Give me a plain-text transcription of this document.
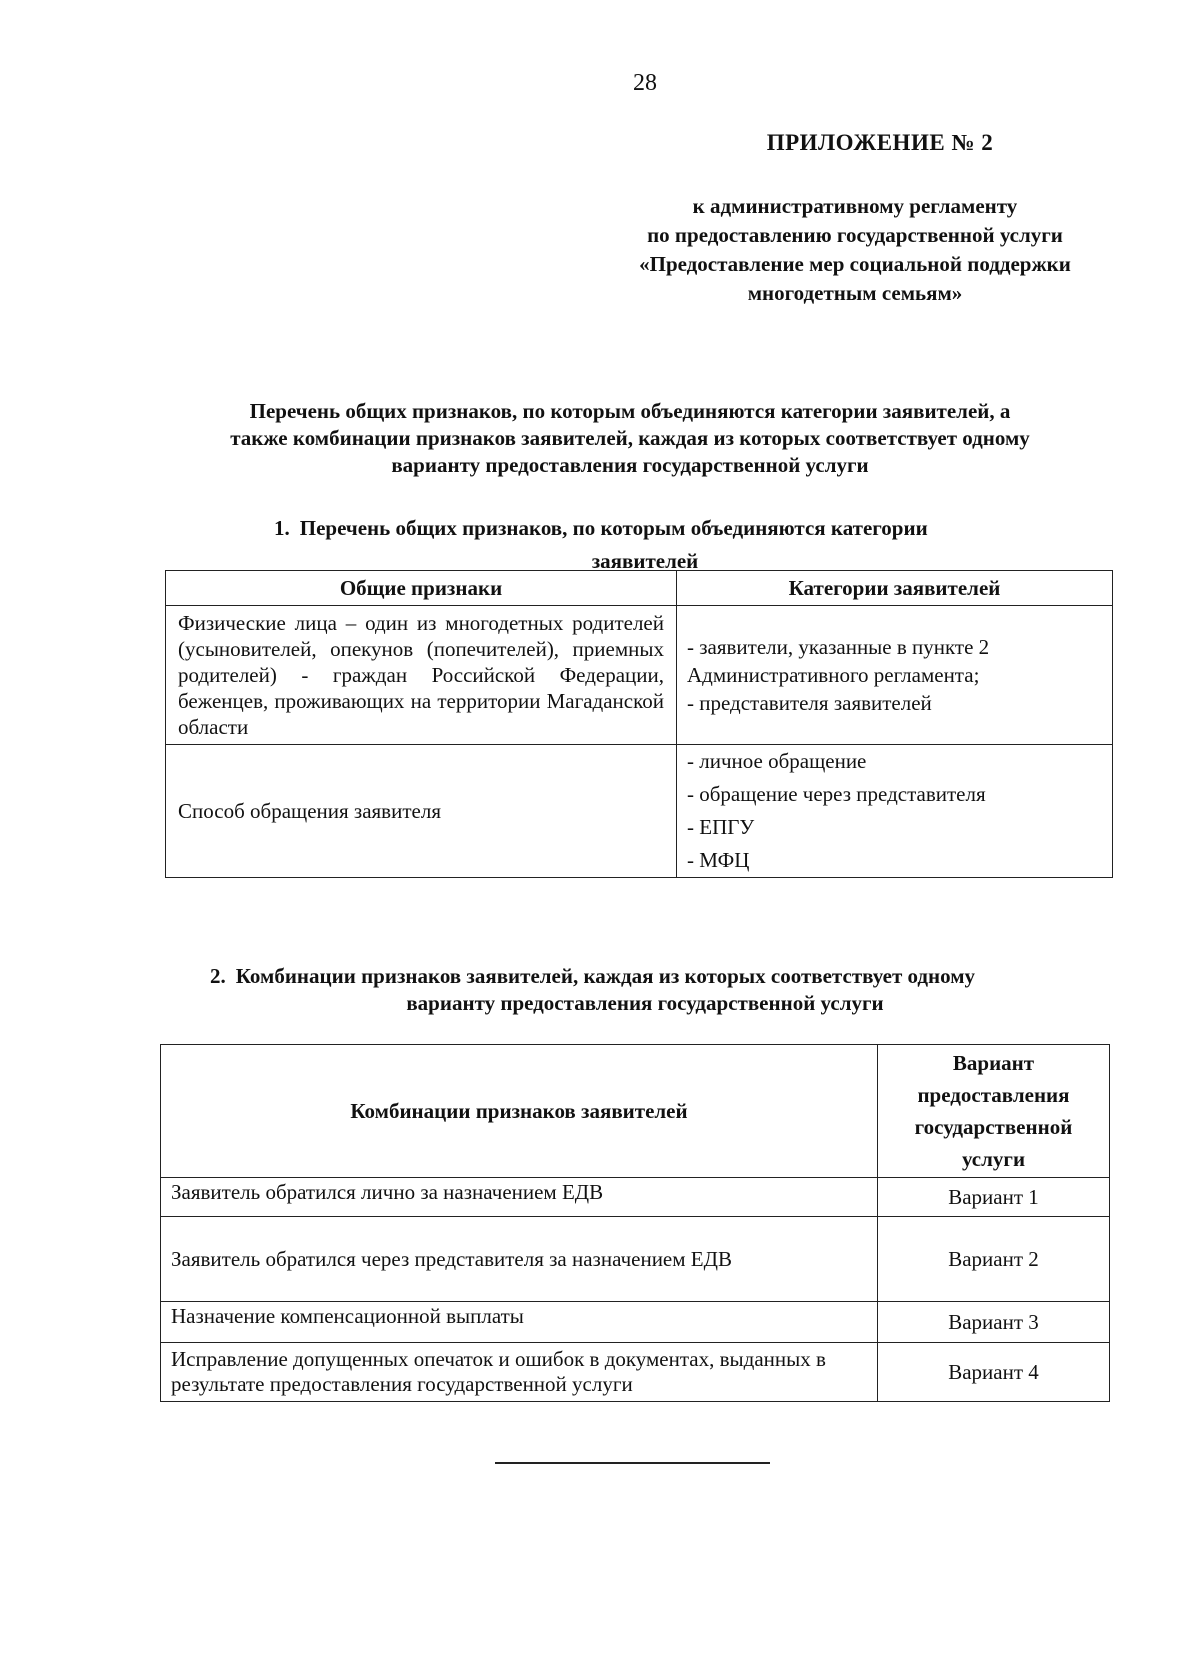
28
ПРИЛОЖЕНИЕ № 2
к административному регламенту
по предоставлению государственной услуги
«Предоставление мер социальной поддержки
многодетным семьям»
Перечень общих признаков, по которым объединяются категории заявителей, а
также комбинации признаков заявителей, каждая из которых соответствует одному
варианту предоставления государственной услуги
1. Перечень общих признаков, по которым объединяются категории
заявителей
Общие признаки	Категории заявителей
Физические лица – один из многодетных родителей (усыновителей, опекунов (попечителей), приемных родителей) - граждан Российской Федерации, беженцев, проживающих на территории Магаданской области	- заявители, указанные в пункте 2
Административного регламента;
- представителя заявителей

Способ обращения заявителя	- личное обращение
- обращение через представителя
- ЕПГУ
- МФЦ
2. Комбинации признаков заявителей, каждая из которых соответствует одному
варианту предоставления государственной услуги
Комбинации признаков заявителей	Вариант
предоставления
государственной
услуги

Заявитель обратился лично за назначением ЕДВ	Вариант 1
Заявитель обратился через представителя за назначением ЕДВ	Вариант 2
Назначение компенсационной выплаты	Вариант 3
Исправление допущенных опечаток и ошибок в документах, выданных в результате предоставления государственной услуги	Вариант 4
